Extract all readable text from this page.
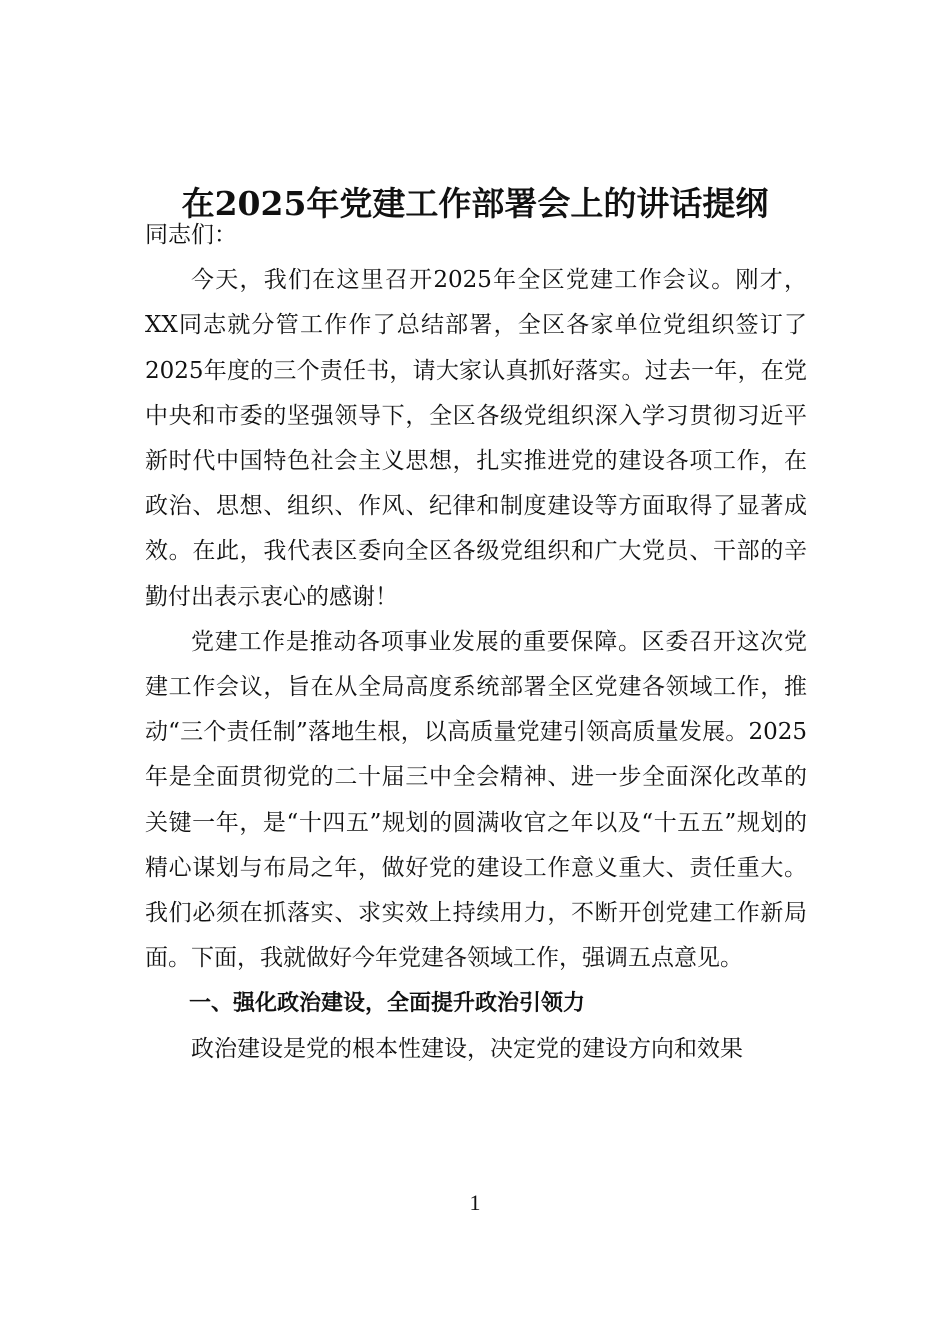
在2025年党建工作部署会上的讲话提纲

同志们：

今天，我们在这里召开2025年全区党建工作会议。刚才，XX同志就分管工作作了总结部署，全区各家单位党组织签订了2025年度的三个责任书，请大家认真抓好落实。过去一年，在党中央和市委的坚强领导下，全区各级党组织深入学习贯彻习近平新时代中国特色社会主义思想，扎实推进党的建设各项工作，在政治、思想、组织、作风、纪律和制度建设等方面取得了显著成效。在此，我代表区委向全区各级党组织和广大党员、干部的辛勤付出表示衷心的感谢！

党建工作是推动各项事业发展的重要保障。区委召开这次党建工作会议，旨在从全局高度系统部署全区党建各领域工作，推动“三个责任制”落地生根，以高质量党建引领高质量发展。2025年是全面贯彻党的二十届三中全会精神、进一步全面深化改革的关键一年，是“十四五”规划的圆满收官之年以及“十五五”规划的精心谋划与布局之年，做好党的建设工作意义重大、责任重大。我们必须在抓落实、求实效上持续用力，不断开创党建工作新局面。下面，我就做好今年党建各领域工作，强调五点意见。

一、强化政治建设，全面提升政治引领力

政治建设是党的根本性建设，决定党的建设方向和效果

1
